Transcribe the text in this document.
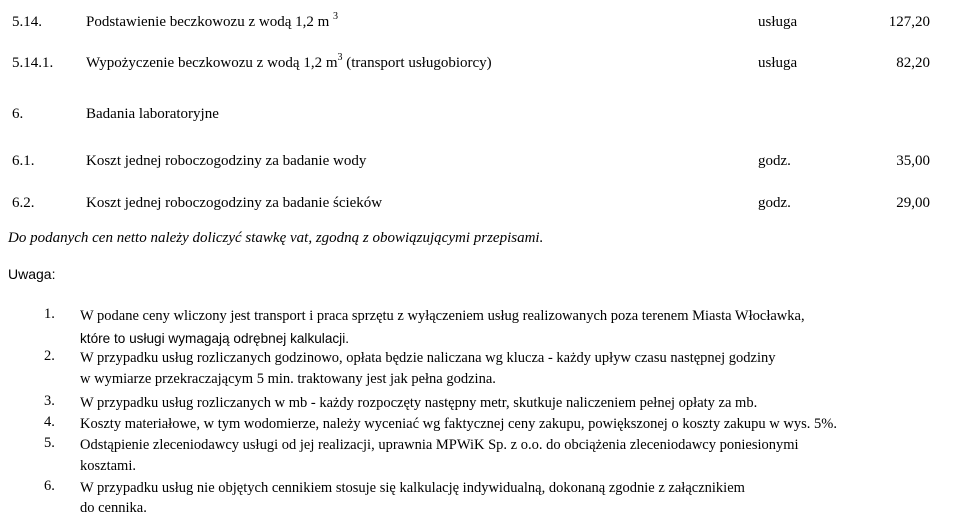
5.14.	Podstawienie beczkowozu z wodą 1,2 m $^3$	usługa	127,20
5.14.1. Wypożyczenie beczkowozu z wodą 1,2 $m^3$ (transport usługobiorcy)	usługa	82,20
6.	Badania laboratoryjne
6.1.	Koszt jednej roboczogodziny za badanie wody	godz.	35,00
6.2.	Koszt jednej roboczogodziny za badanie ścieków	godz.	29,00
Do podanych cen netto należy doliczyć stawkę vat, zgodną z obowiązującymi przepisami.
Uwaga:
1. W podane ceny wliczony jest transport i praca sprzętu z wyłączeniem usług realizowanych poza terenem Miasta Włocławka,
które to usługi wymagają odrębnej kalkulacji.
2. W przypadku usług rozliczanych godzinowo, opłata będzie naliczana wg klucza - każdy upływ czasu następnej godziny
w wymiarze przekraczającym 5 min. traktowany jest jak pełna godzina.
3. W przypadku usług rozliczanych w mb - każdy rozpoczęty następny metr, skutkuje naliczeniem pełnej opłaty za mb.
4. Koszty materiałowe, w tym wodomierze, należy wyceniać wg faktycznej ceny zakupu, powiększonej o koszty zakupu w wys. 5%.
5. Odstąpienie zleceniodawcy usługi od jej realizacji, uprawnia MPWiK Sp. z o.o. do obciążenia zleceniodawcy poniesionymi
kosztami.
6. W przypadku usług nie objętych cennikiem stosuje się kalkulację indywidualną, dokonaną zgodnie z załącznikiem
do cennika.
